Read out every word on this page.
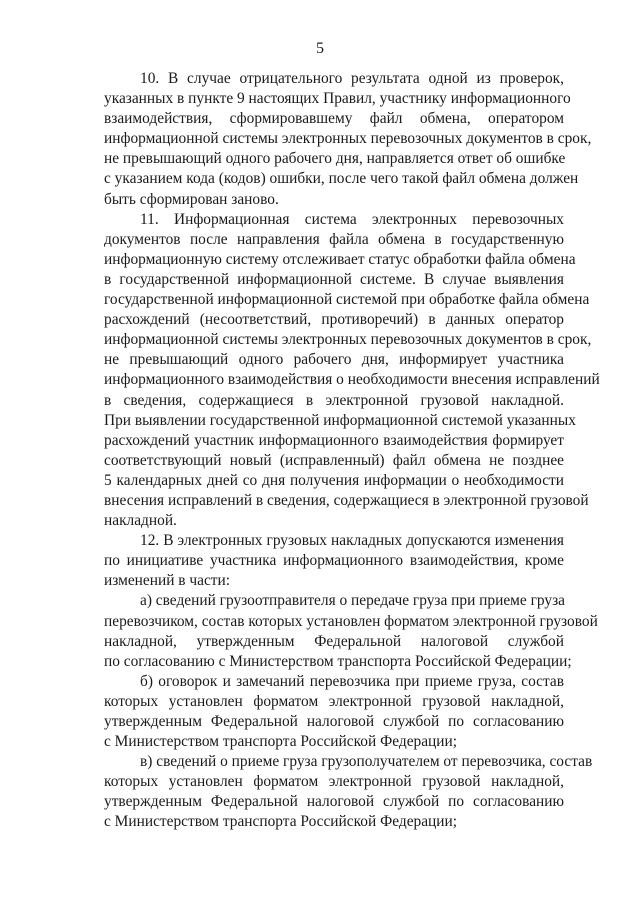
5

10. В случае отрицательного результата одной из проверок,
указанных в пункте 9 настоящих Правил, участнику информационного
взаимодействия, сформировавшему файл обмена, оператором
информационной системы электронных перевозочных документов в срок,
не превышающий одного рабочего дня, направляется ответ об ошибке
с указанием кода (кодов) ошибки, после чего такой файл обмена должен
быть сформирован заново.

11. Информационная система электронных перевозочных
документов после направления файла обмена в государственную
информационную систему отслеживает статус обработки файла обмена
в государственной информационной системе. В случае выявления
государственной информационной системой при обработке файла обмена
расхождений (несоответствий, противоречий) в данных оператор
информационной системы электронных перевозочных документов в срок,
не превышающий одного рабочего дня, информирует участника
информационного взаимодействия о необходимости внесения исправлений
в сведения, содержащиеся в электронной грузовой накладной.
При выявлении государственной информационной системой указанных
расхождений участник информационного взаимодействия формирует
соответствующий новый (исправленный) файл обмена не позднее
5 календарных дней со дня получения информации о необходимости
внесения исправлений в сведения, содержащиеся в электронной грузовой
накладной.

12. В электронных грузовых накладных допускаются изменения
по инициативе участника информационного взаимодействия, кроме
изменений в части:

а) сведений грузоотправителя о передаче груза при приеме груза
перевозчиком, состав которых установлен форматом электронной грузовой
накладной, утвержденным Федеральной налоговой службой
по согласованию с Министерством транспорта Российской Федерации;

б) оговорок и замечаний перевозчика при приеме груза, состав
которых установлен форматом электронной грузовой накладной,
утвержденным Федеральной налоговой службой по согласованию
с Министерством транспорта Российской Федерации;

в) сведений о приеме груза грузополучателем от перевозчика, состав
которых установлен форматом электронной грузовой накладной,
утвержденным Федеральной налоговой службой по согласованию
с Министерством транспорта Российской Федерации;
